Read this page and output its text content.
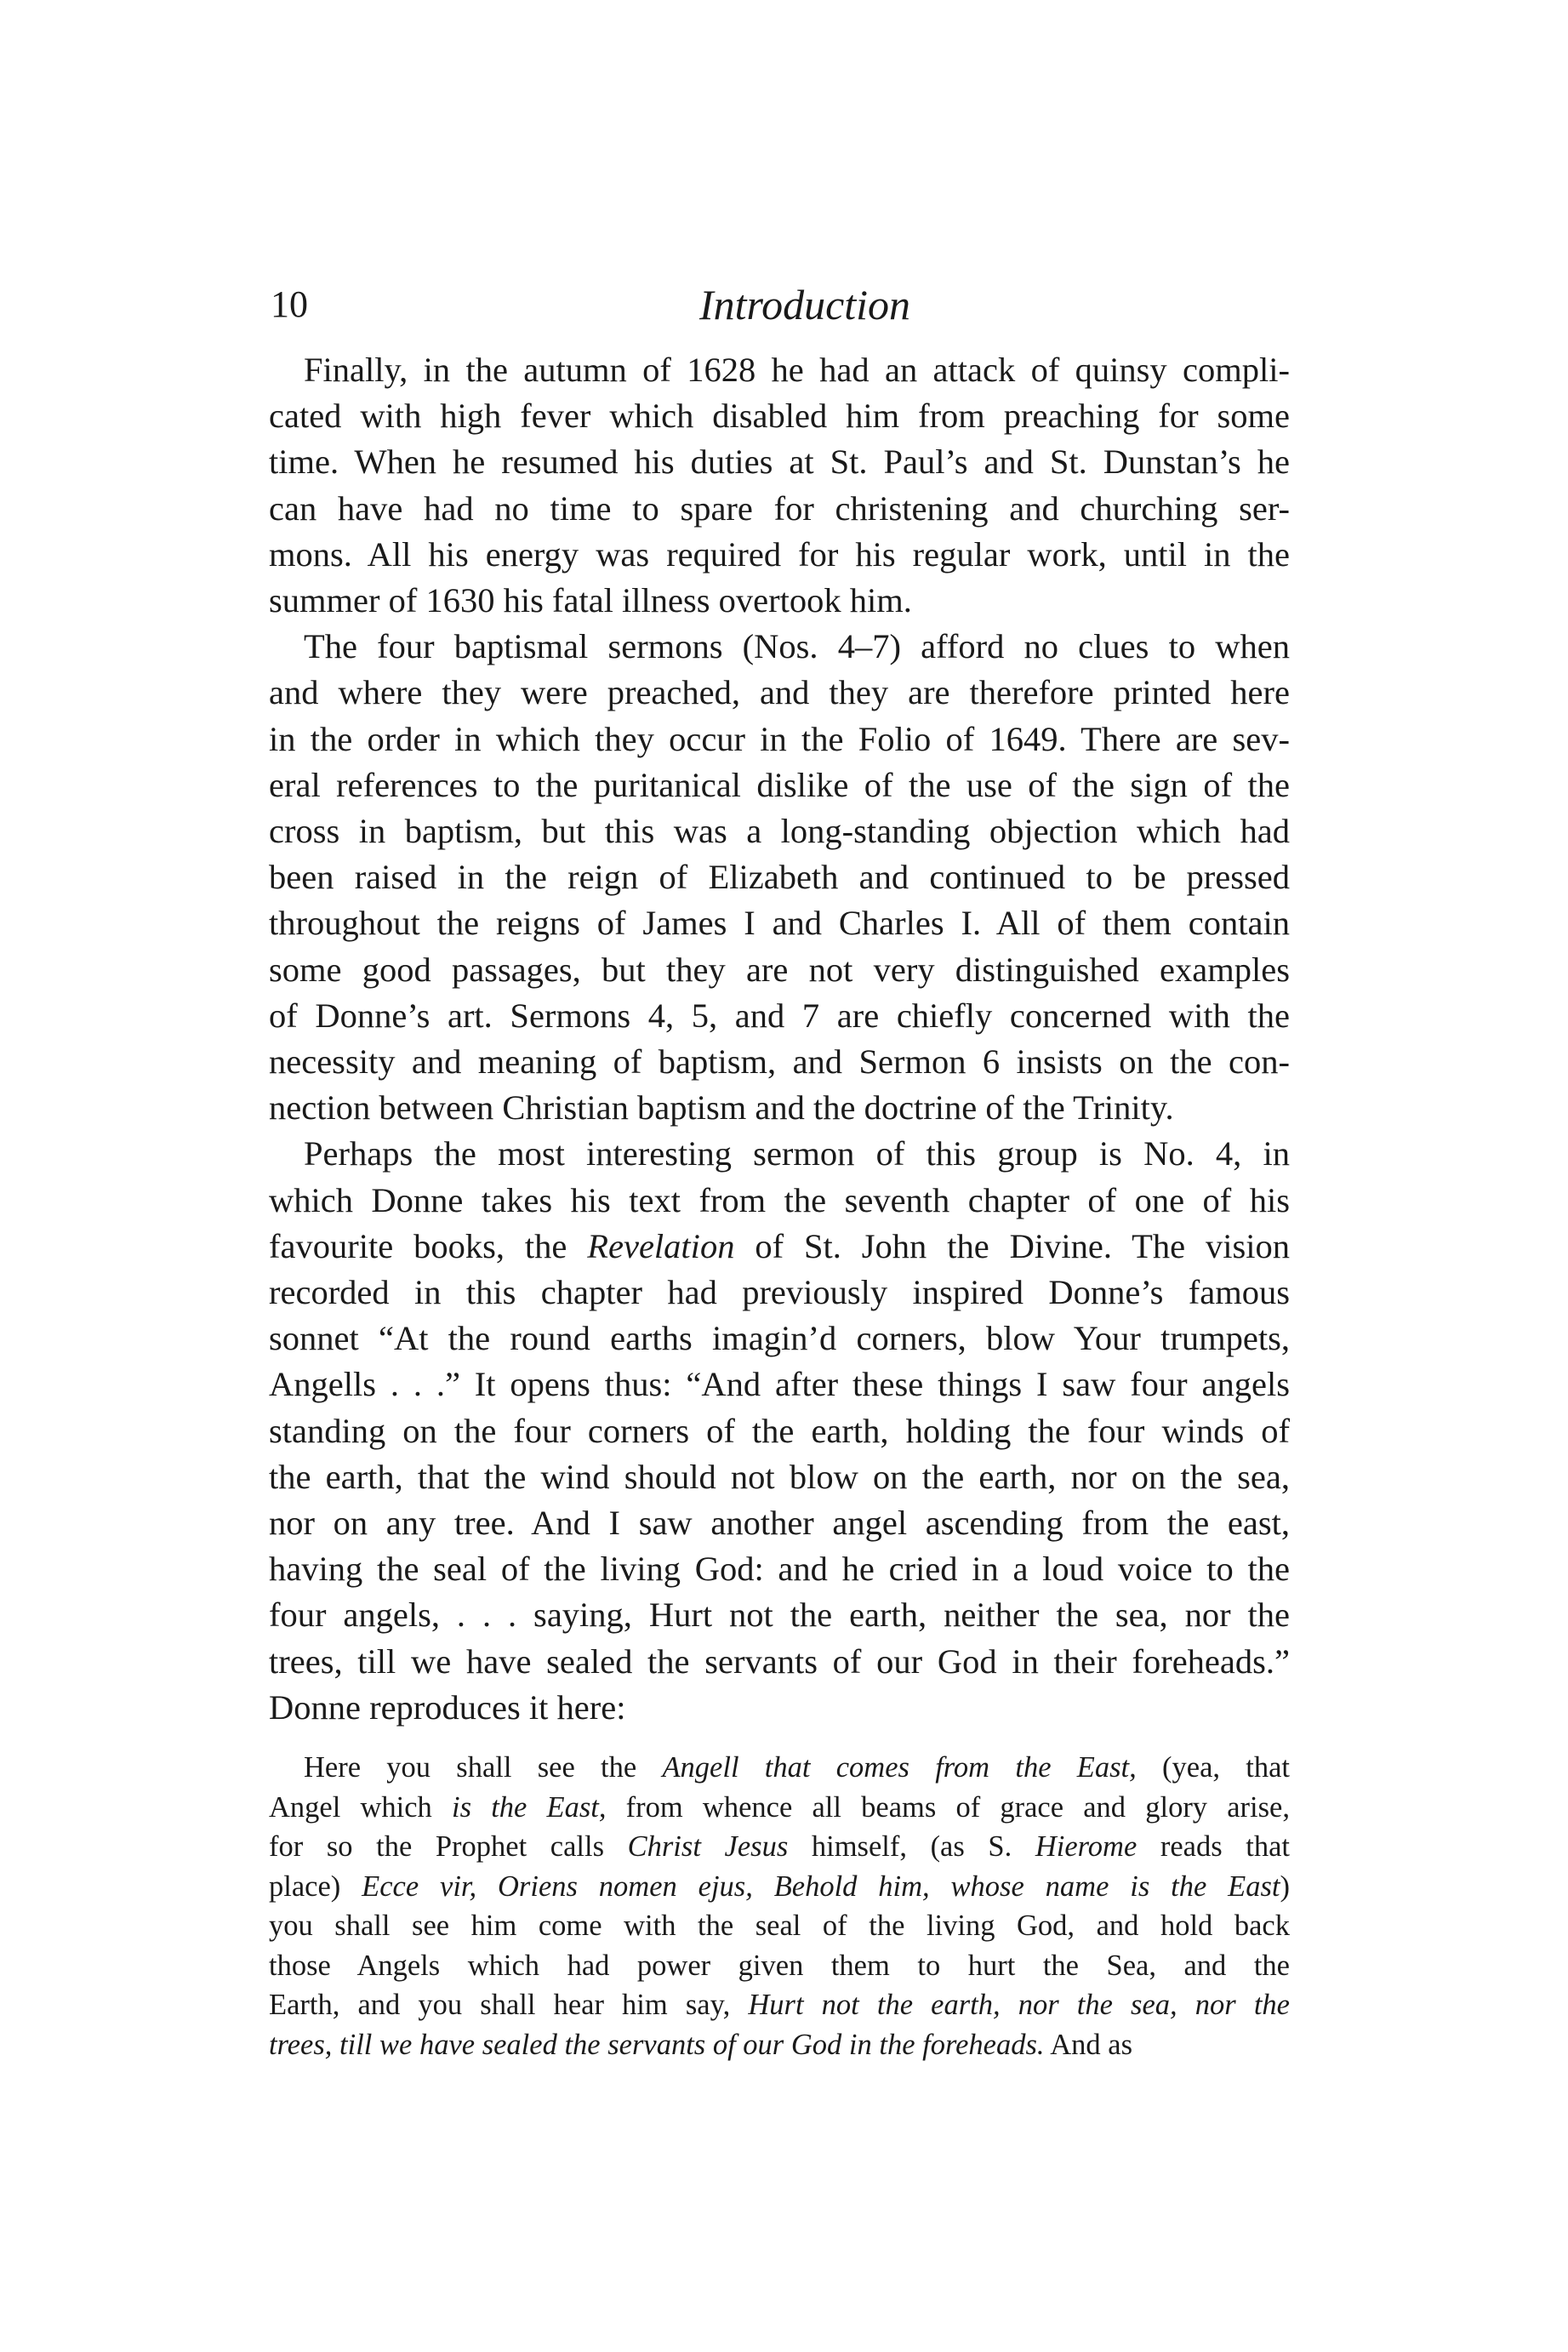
10	Introduction

Finally, in the autumn of 1628 he had an attack of quinsy compli-
cated with high fever which disabled him from preaching for some
time. When he resumed his duties at St. Paul’s and St. Dunstan’s he
can have had no time to spare for christening and churching ser-
mons. All his energy was required for his regular work, until in the
summer of 1630 his fatal illness overtook him.

The four baptismal sermons (Nos. 4–7) afford no clues to when
and where they were preached, and they are therefore printed here
in the order in which they occur in the Folio of 1649. There are sev-
eral references to the puritanical dislike of the use of the sign of the
cross in baptism, but this was a long-standing objection which had
been raised in the reign of Elizabeth and continued to be pressed
throughout the reigns of James I and Charles I. All of them contain
some good passages, but they are not very distinguished examples
of Donne’s art. Sermons 4, 5, and 7 are chiefly concerned with the
necessity and meaning of baptism, and Sermon 6 insists on the con-
nection between Christian baptism and the doctrine of the Trinity.

Perhaps the most interesting sermon of this group is No. 4, in
which Donne takes his text from the seventh chapter of one of his
favourite books, the Revelation of St. John the Divine. The vision
recorded in this chapter had previously inspired Donne’s famous
sonnet “At the round earths imagin’d corners, blow Your trumpets,
Angells . . .” It opens thus: “And after these things I saw four angels
standing on the four corners of the earth, holding the four winds of
the earth, that the wind should not blow on the earth, nor on the sea,
nor on any tree. And I saw another angel ascending from the east,
having the seal of the living God: and he cried in a loud voice to the
four angels, . . . saying, Hurt not the earth, neither the sea, nor the
trees, till we have sealed the servants of our God in their foreheads.”
Donne reproduces it here:

Here you shall see the Angell that comes from the East, (yea, that
Angel which is the East, from whence all beams of grace and glory arise,
for so the Prophet calls Christ Jesus himself, (as S. Hierome reads that
place) Ecce vir, Oriens nomen ejus, Behold him, whose name is the East)
you shall see him come with the seal of the living God, and hold back
those Angels which had power given them to hurt the Sea, and the
Earth, and you shall hear him say, Hurt not the earth, nor the sea, nor the
trees, till we have sealed the servants of our God in the foreheads. And as
